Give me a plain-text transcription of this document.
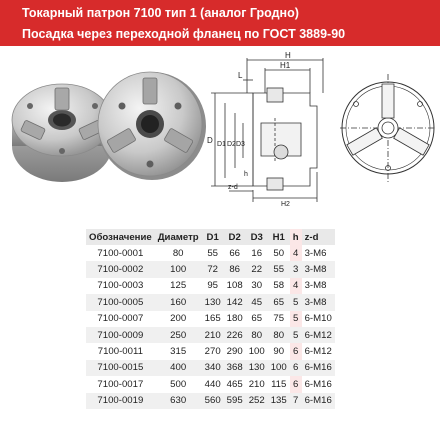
Токарный патрон 7100 тип 1 (аналог Гродно)
Посадка через переходной фланец по ГОСТ 3889-90
L
H
H1
D D1 D2 D3
h
z-d
H2
Обозначение	Диаметр	D1	D2	D3	H1	h	z-d
7100-0001	80	55	66	16	50	4	3-M6
7100-0002	100	72	86	22	55	3	3-M8
7100-0003	125	95	108	30	58	4	3-M8
7100-0005	160	130	142	45	65	5	3-M8
7100-0007	200	165	180	65	75	5	6-M10
7100-0009	250	210	226	80	80	5	6-M12
7100-0011	315	270	290	100	90	6	6-M12
7100-0015	400	340	368	130	100	6	6-M16
7100-0017	500	440	465	210	115	6	6-M16
7100-0019	630	560	595	252	135	7	6-M16
